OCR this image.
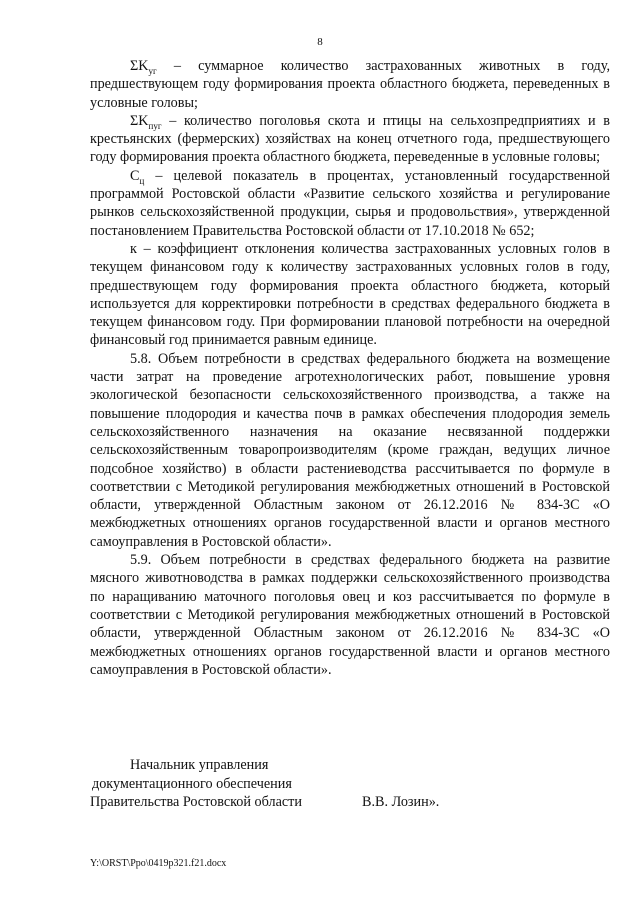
8

$\Sigma K_{уг}$ – суммарное количество застрахованных животных в году, предшествующем году формирования проекта областного бюджета, переведенных в условные головы;

$\Sigma K_{пуг}$ – количество поголовья скота и птицы на сельхозпредприятиях и в крестьянских (фермерских) хозяйствах на конец отчетного года, предшествующего году формирования проекта областного бюджета, переведенные в условные головы;

$С_ц$ – целевой показатель в процентах, установленный государственной программой Ростовской области «Развитие сельского хозяйства и регулирование рынков сельскохозяйственной продукции, сырья и продовольствия», утвержденной постановлением Правительства Ростовской области от 17.10.2018 № 652;

к – коэффициент отклонения количества застрахованных условных голов в текущем финансовом году к количеству застрахованных условных голов в году, предшествующем году формирования проекта областного бюджета, который используется для корректировки потребности в средствах федерального бюджета в текущем финансовом году. При формировании плановой потребности на очередной финансовый год принимается равным единице.

5.8. Объем потребности в средствах федерального бюджета на возмещение части затрат на проведение агротехнологических работ, повышение уровня экологической безопасности сельскохозяйственного производства, а также на повышение плодородия и качества почв в рамках обеспечения плодородия земель сельскохозяйственного назначения на оказание несвязанной поддержки сельскохозяйственным товаропроизводителям (кроме граждан, ведущих личное подсобное хозяйство) в области растениеводства рассчитывается по формуле в соответствии с Методикой регулирования межбюджетных отношений в Ростовской области, утвержденной Областным законом от 26.12.2016 № 834-ЗС «О межбюджетных отношениях органов государственной власти и органов местного самоуправления в Ростовской области».

5.9. Объем потребности в средствах федерального бюджета на развитие мясного животноводства в рамках поддержки сельскохозяйственного производства по наращиванию маточного поголовья овец и коз рассчитывается по формуле в соответствии с Методикой регулирования межбюджетных отношений в Ростовской области, утвержденной Областным законом от 26.12.2016 № 834-ЗС «О межбюджетных отношениях органов государственной власти и органов местного самоуправления в Ростовской области».

Начальник управления
документационного обеспечения
Правительства Ростовской области	В.В. Лозин».
Y:\ORST\Ppo\0419p321.f21.docx
